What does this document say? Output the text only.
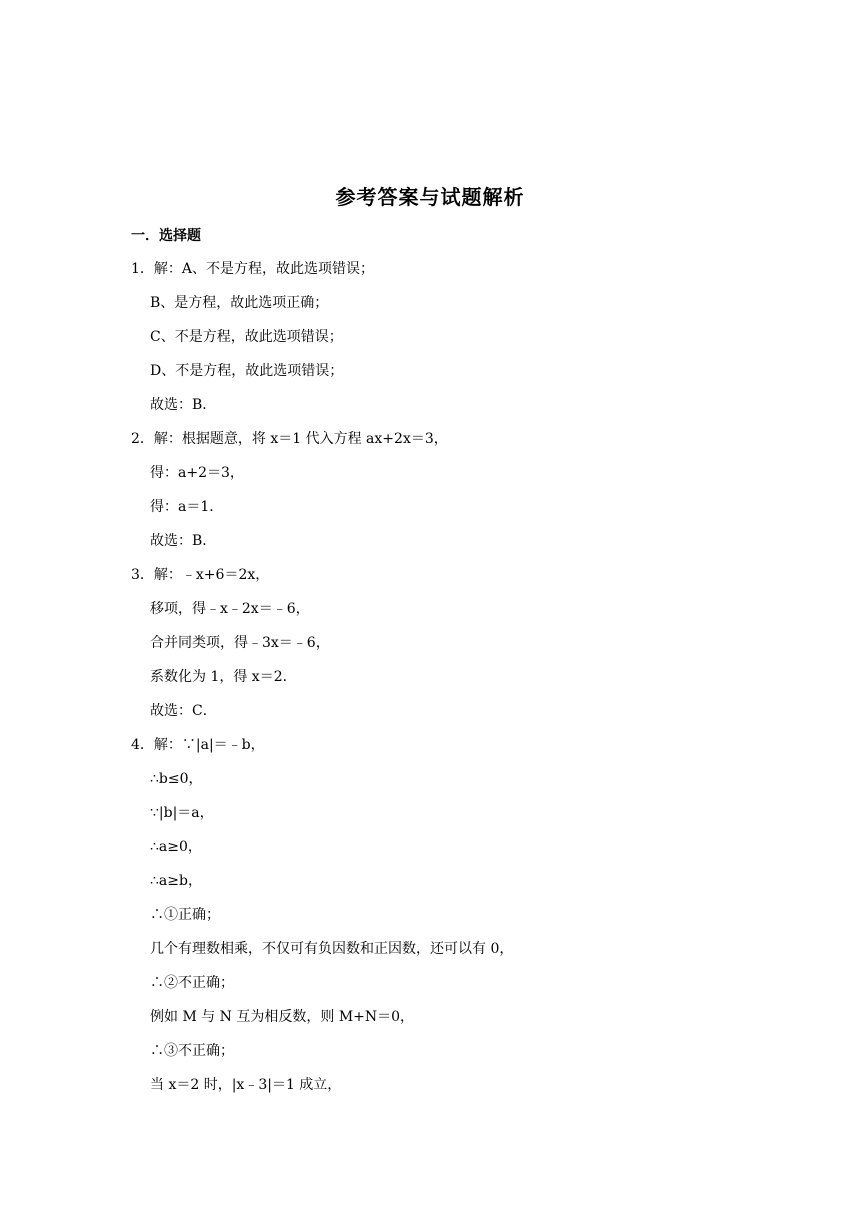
参考答案与试题解析
一．选择题
1．解：A、不是方程，故此选项错误；
B、是方程，故此选项正确；
C、不是方程，故此选项错误；
D、不是方程，故此选项错误；
故选：B．
2．解：根据题意，将 x＝1 代入方程 ax+2x＝3，
得：a+2＝3，
得：a＝1．
故选：B．
3．解：﹣x+6＝2x，
移项，得﹣x﹣2x＝﹣6，
合并同类项，得﹣3x＝﹣6，
系数化为 1，得 x＝2．
故选：C．
4．解：∵|a|＝﹣b，
∴b≤0，
∵|b|＝a，
∴a≥0，
∴a≥b，
∴①正确；
几个有理数相乘，不仅可有负因数和正因数，还可以有 0，
∴②不正确；
例如 M 与 N 互为相反数，则 M+N＝0，
∴③不正确；
当 x＝2 时，|x﹣3|＝1 成立，
